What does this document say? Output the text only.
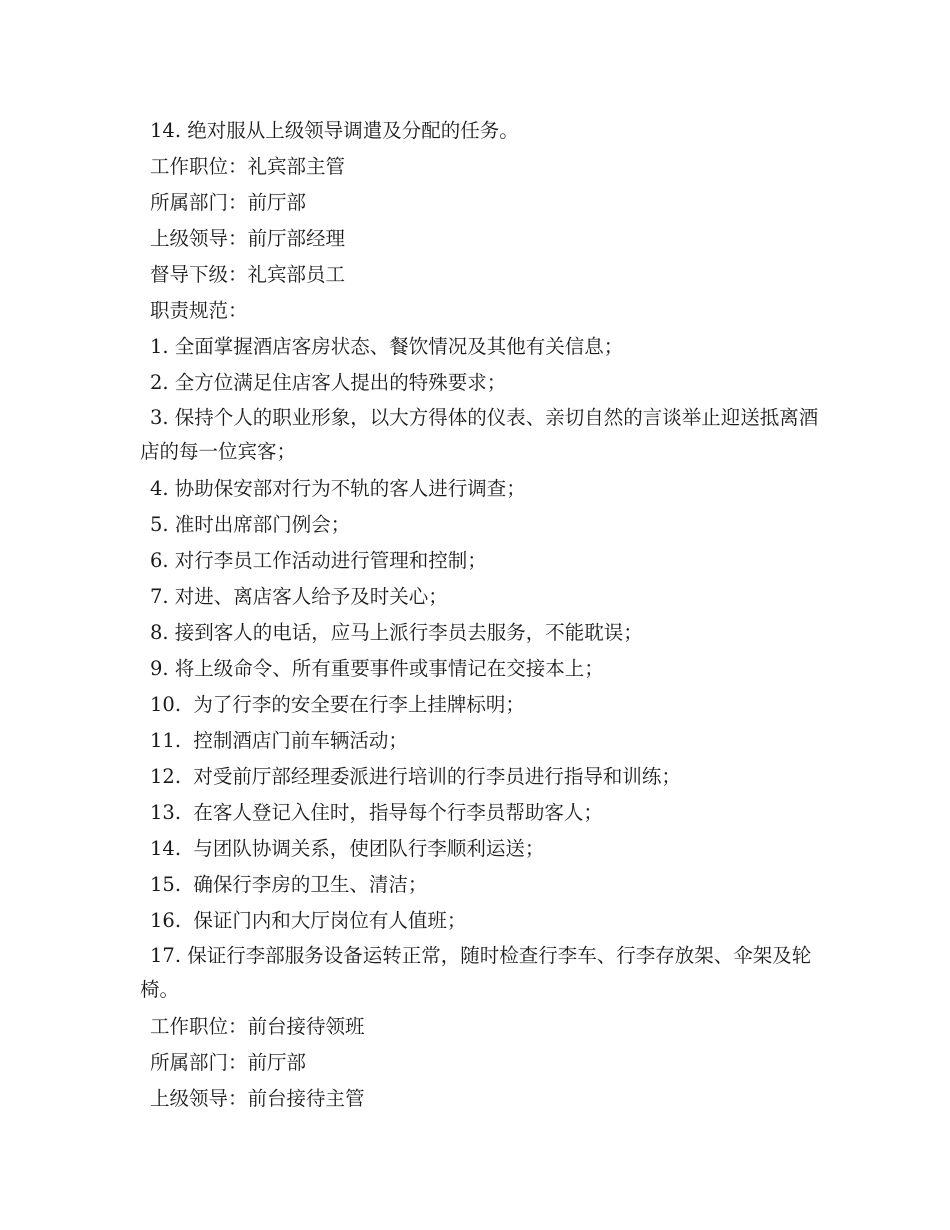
14. 绝对服从上级领导调遣及分配的任务。

工作职位：礼宾部主管

所属部门：前厅部

上级领导：前厅部经理

督导下级：礼宾部员工

职责规范：

1. 全面掌握酒店客房状态、餐饮情况及其他有关信息；

2. 全方位满足住店客人提出的特殊要求；

3. 保持个人的职业形象，以大方得体的仪表、亲切自然的言谈举止迎送抵离酒店的每一位宾客；

4. 协助保安部对行为不轨的客人进行调查；

5. 准时出席部门例会；

6. 对行李员工作活动进行管理和控制；

7. 对进、离店客人给予及时关心；

8. 接到客人的电话，应马上派行李员去服务，不能耽误；

9. 将上级命令、所有重要事件或事情记在交接本上；

10.  为了行李的安全要在行李上挂牌标明；

11.  控制酒店门前车辆活动；

12.  对受前厅部经理委派进行培训的行李员进行指导和训练；

13.  在客人登记入住时，指导每个行李员帮助客人；

14.  与团队协调关系，使团队行李顺利运送；

15.  确保行李房的卫生、清洁；

16.  保证门内和大厅岗位有人值班；

17. 保证行李部服务设备运转正常，随时检查行李车、行李存放架、伞架及轮椅。

工作职位：前台接待领班

所属部门：前厅部

上级领导：前台接待主管
